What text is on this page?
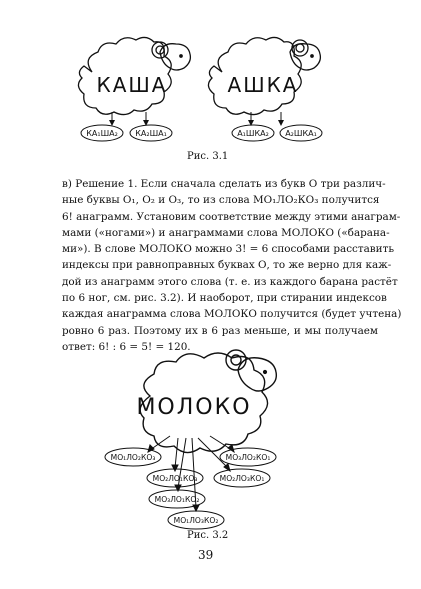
КАША
КА₁ША₂ КА₂ША₁
АШКА
А₁ШКА₂ А₂ШКА₁
МОЛОКО
МО₁ЛО₂КО₃	МО₃ЛО₂КО₁
МО₂ЛО₁КО₃	МО₂ЛО₃КО₁
МО₃ЛО₁КО₂
МО₁ЛО₃КО₂
Рис. 3.1
в) Решение 1. Если сначала сделать из букв О три различ-
ные буквы О₁, О₂ и О₃, то из слова МО₁ЛО₂КО₃ получится
6! анаграмм. Установим соответствие между этими анаграм-
мами («ногами») и анаграммами слова МОЛОКО («барана-
ми»). В слове МОЛОКО можно 3! = 6 способами расставить
индексы при равноправных буквах О, то же верно для каж-
дой из анаграмм этого слова (т. е. из каждого барана растёт
по 6 ног, см. рис. 3.2). И наоборот, при стирании индексов
каждая анаграмма слова МОЛОКО получится (будет учтена)
ровно 6 раз. Поэтому их в 6 раз меньше, и мы получаем
ответ: 6! : 6 = 5! = 120.
Рис. 3.2
39
